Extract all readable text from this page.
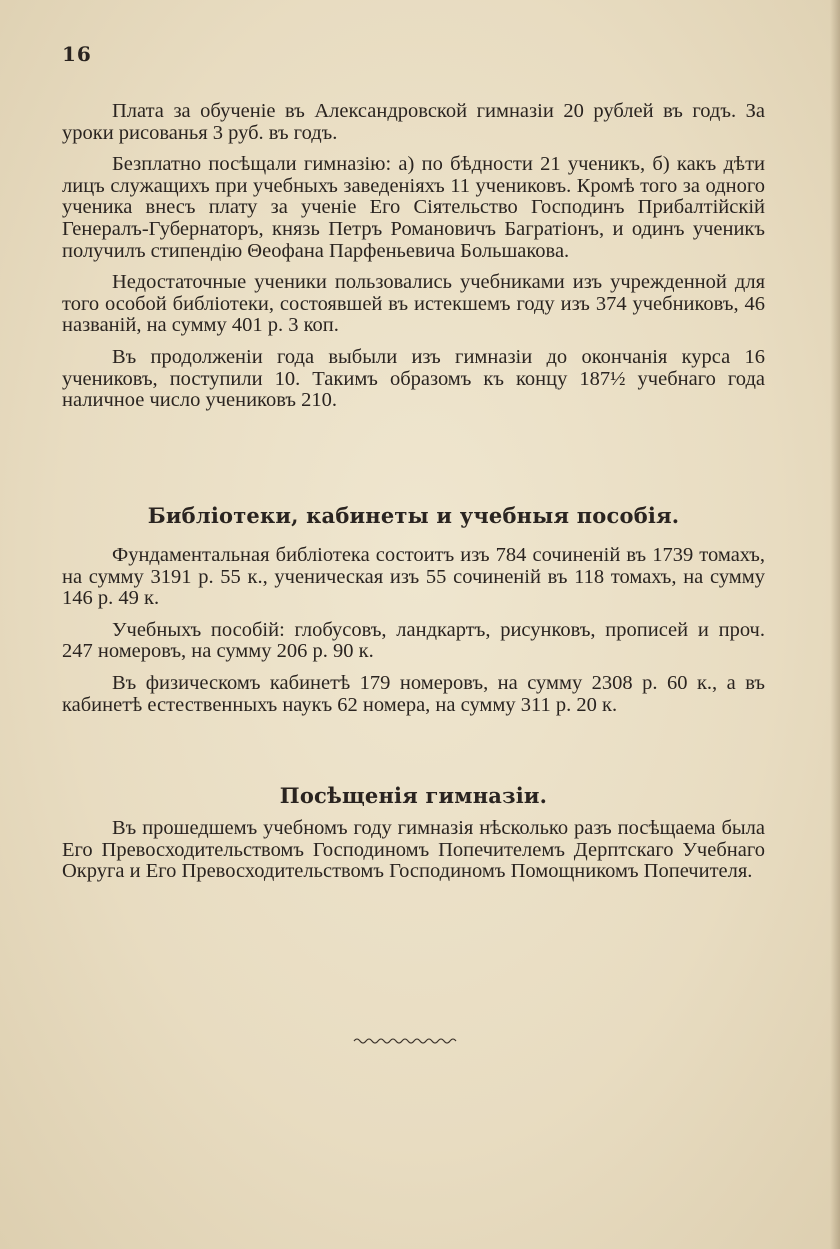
16

Плата за обученіе въ Александровской гимназіи 20 рублей въ годъ. За уроки рисованья 3 руб. въ годъ.

Безплатно посѣщали гимназію: а) по бѣдности 21 ученикъ, б) какъ дѣти лицъ служащихъ при учебныхъ заведеніяхъ 11 учениковъ. Кромѣ того за одного ученика внесъ плату за ученіе Его Сіятельство Господинъ Прибалтійскій Генералъ-Губернаторъ, князь Петръ Романовичъ Багратіонъ, и одинъ ученикъ получилъ стипендію Θеофана Парфеньевича Большакова.

Недостаточные ученики пользовались учебниками изъ учрежденной для того особой библіотеки, состоявшей въ истекшемъ году изъ 374 учебниковъ, 46 названій, на сумму 401 р. 3 коп.

Въ продолженіи года выбыли изъ гимназіи до окончанія курса 16 учениковъ, поступили 10. Такимъ образомъ къ концу 187½ учебнаго года наличное число учениковъ 210.

Библіотеки, кабинеты и учебныя пособія.

Фундаментальная библіотека состоитъ изъ 784 сочиненій въ 1739 томахъ, на сумму 3191 р. 55 к., ученическая изъ 55 сочиненій въ 118 томахъ, на сумму 146 р. 49 к.

Учебныхъ пособій: глобусовъ, ландкартъ, рисунковъ, прописей и проч. 247 номеровъ, на сумму 206 р. 90 к.

Въ физическомъ кабинетѣ 179 номеровъ, на сумму 2308 р. 60 к., а въ кабинетѣ естественныхъ наукъ 62 номера, на сумму 311 р. 20 к.

Посѣщенія гимназіи.

Въ прошедшемъ учебномъ году гимназія нѣсколько разъ посѣщаема была Его Превосходительствомъ Господиномъ Попечителемъ Дерптскаго Учебнаго Округа и Его Превосходительствомъ Господиномъ Помощникомъ Попечителя.
